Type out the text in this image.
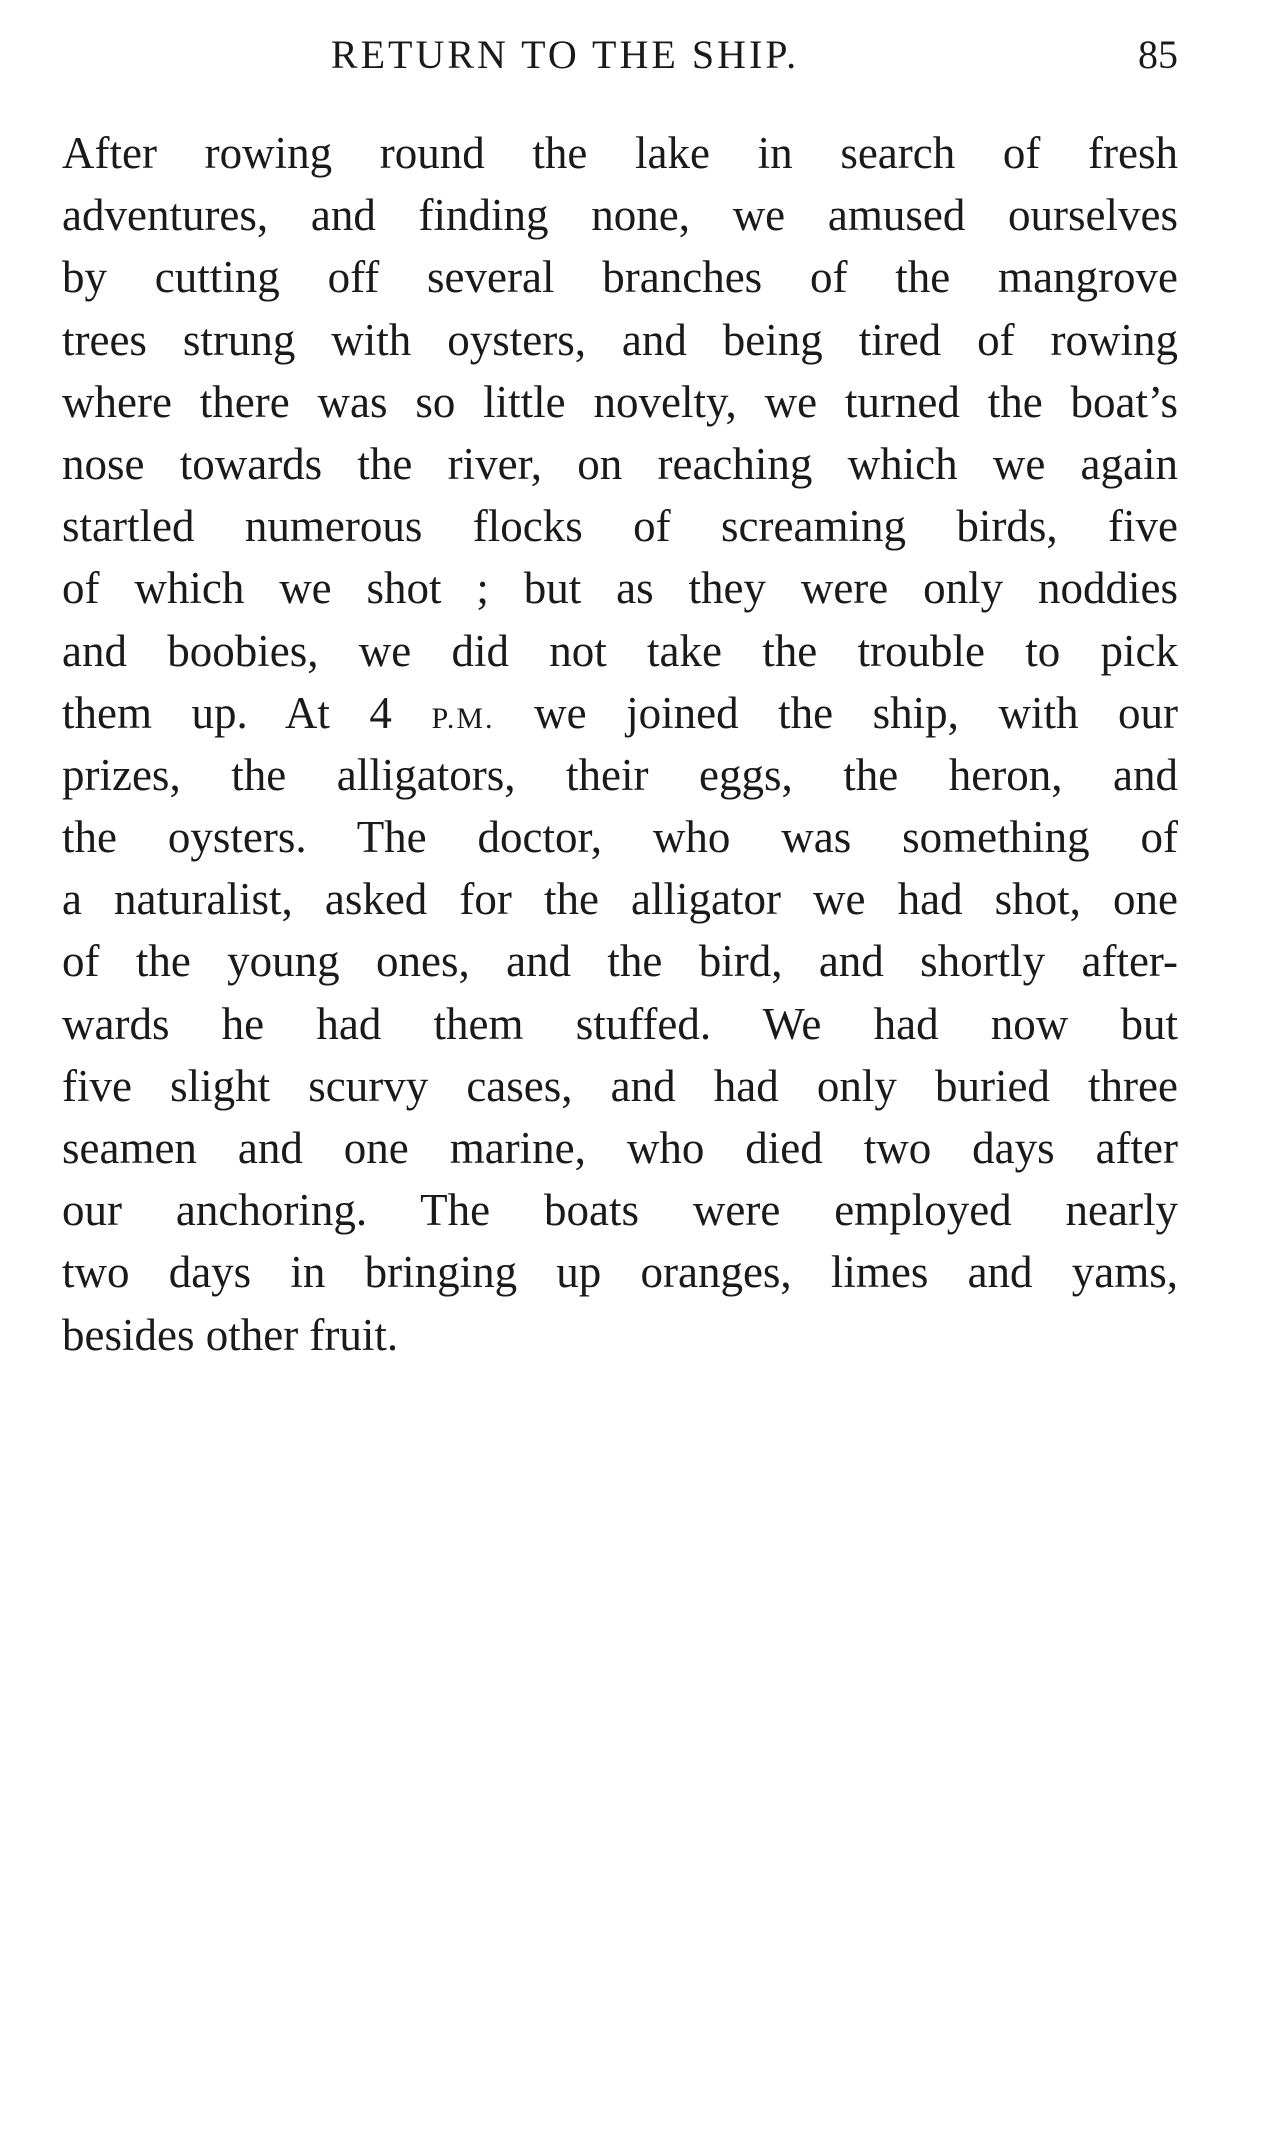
RETURN TO THE SHIP.	85
After rowing round the lake in search of fresh
adventures, and finding none, we amused ourselves
by cutting off several branches of the mangrove
trees strung with oysters, and being tired of rowing
where there was so little novelty, we turned the boat’s
nose towards the river, on reaching which we again
startled numerous flocks of screaming birds, five
of which we shot ; but as they were only noddies
and boobies, we did not take the trouble to pick
them up. At 4 P.M. we joined the ship, with our
prizes, the alligators, their eggs, the heron, and
the oysters. The doctor, who was something of
a naturalist, asked for the alligator we had shot, one
of the young ones, and the bird, and shortly after-
wards he had them stuffed. We had now but
five slight scurvy cases, and had only buried three
seamen and one marine, who died two days after
our anchoring. The boats were employed nearly
two days in bringing up oranges, limes and yams,
besides other fruit.
